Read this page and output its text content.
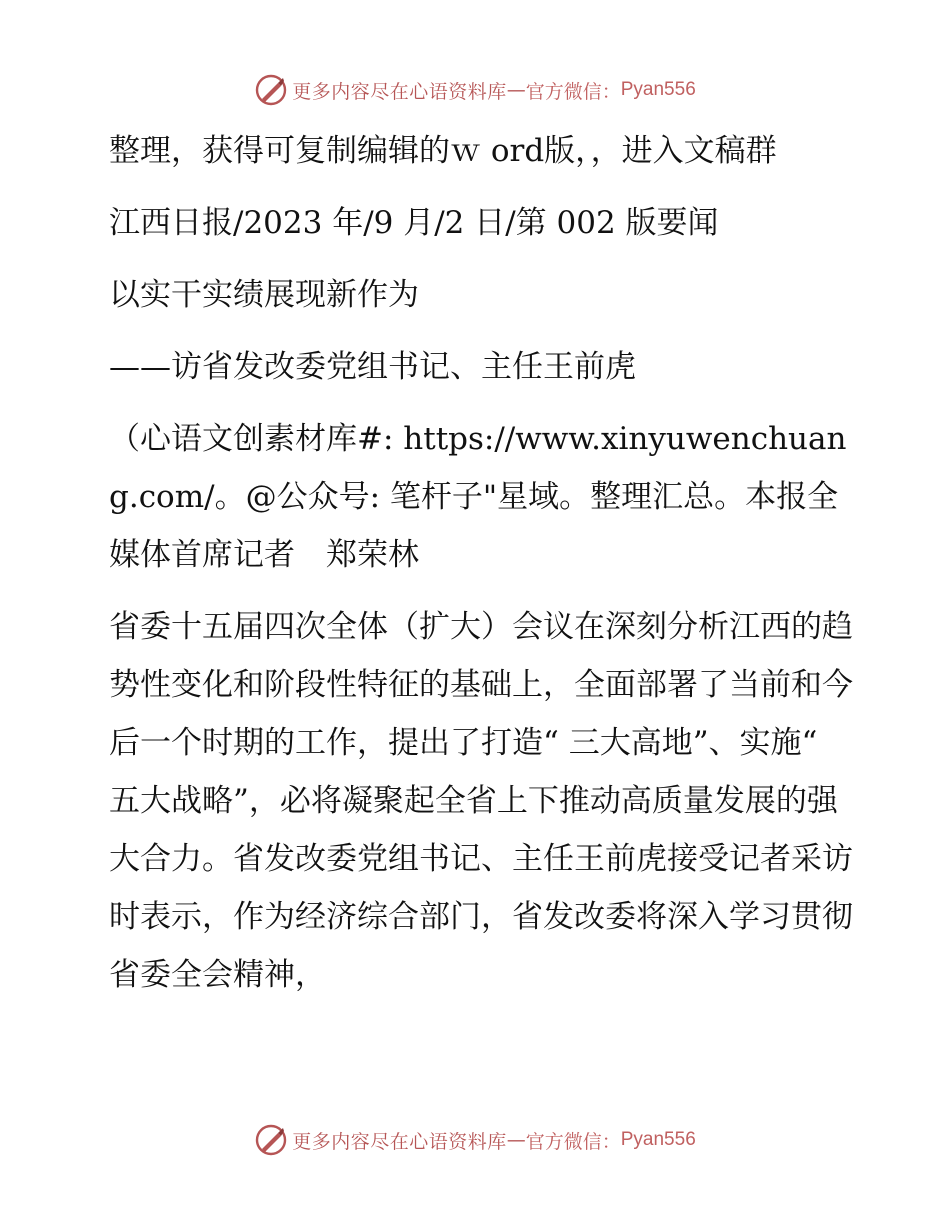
更多内容尽在心语资料库 — 官方微信： Pyan556

整理，获得可复制编辑的ｗ ord版，，进入文稿群

江西日报/2023 年/9 月/2 日/第 002 版要闻

以实干实绩展现新作为

——访省发改委党组书记、主任王前虎

（心语文创素材库#: https://www.xinyuwenchuang.com/。@公众号: 笔杆子"星域。整理汇总。本报全媒体首席记者　郑荣林

省委十五届四次全体（扩大）会议在深刻分析江西的趋势性变化和阶段性特征的基础上，全面部署了当前和今后一个时期的工作，提出了打造“ 三大高地”、实施“ 五大战略”，必将凝聚起全省上下推动高质量发展的强大合力。省发改委党组书记、主任王前虎接受记者采访时表示，作为经济综合部门，省发改委将深入学习贯彻省委全会精神，

更多内容尽在心语资料库 — 官方微信： Pyan556
